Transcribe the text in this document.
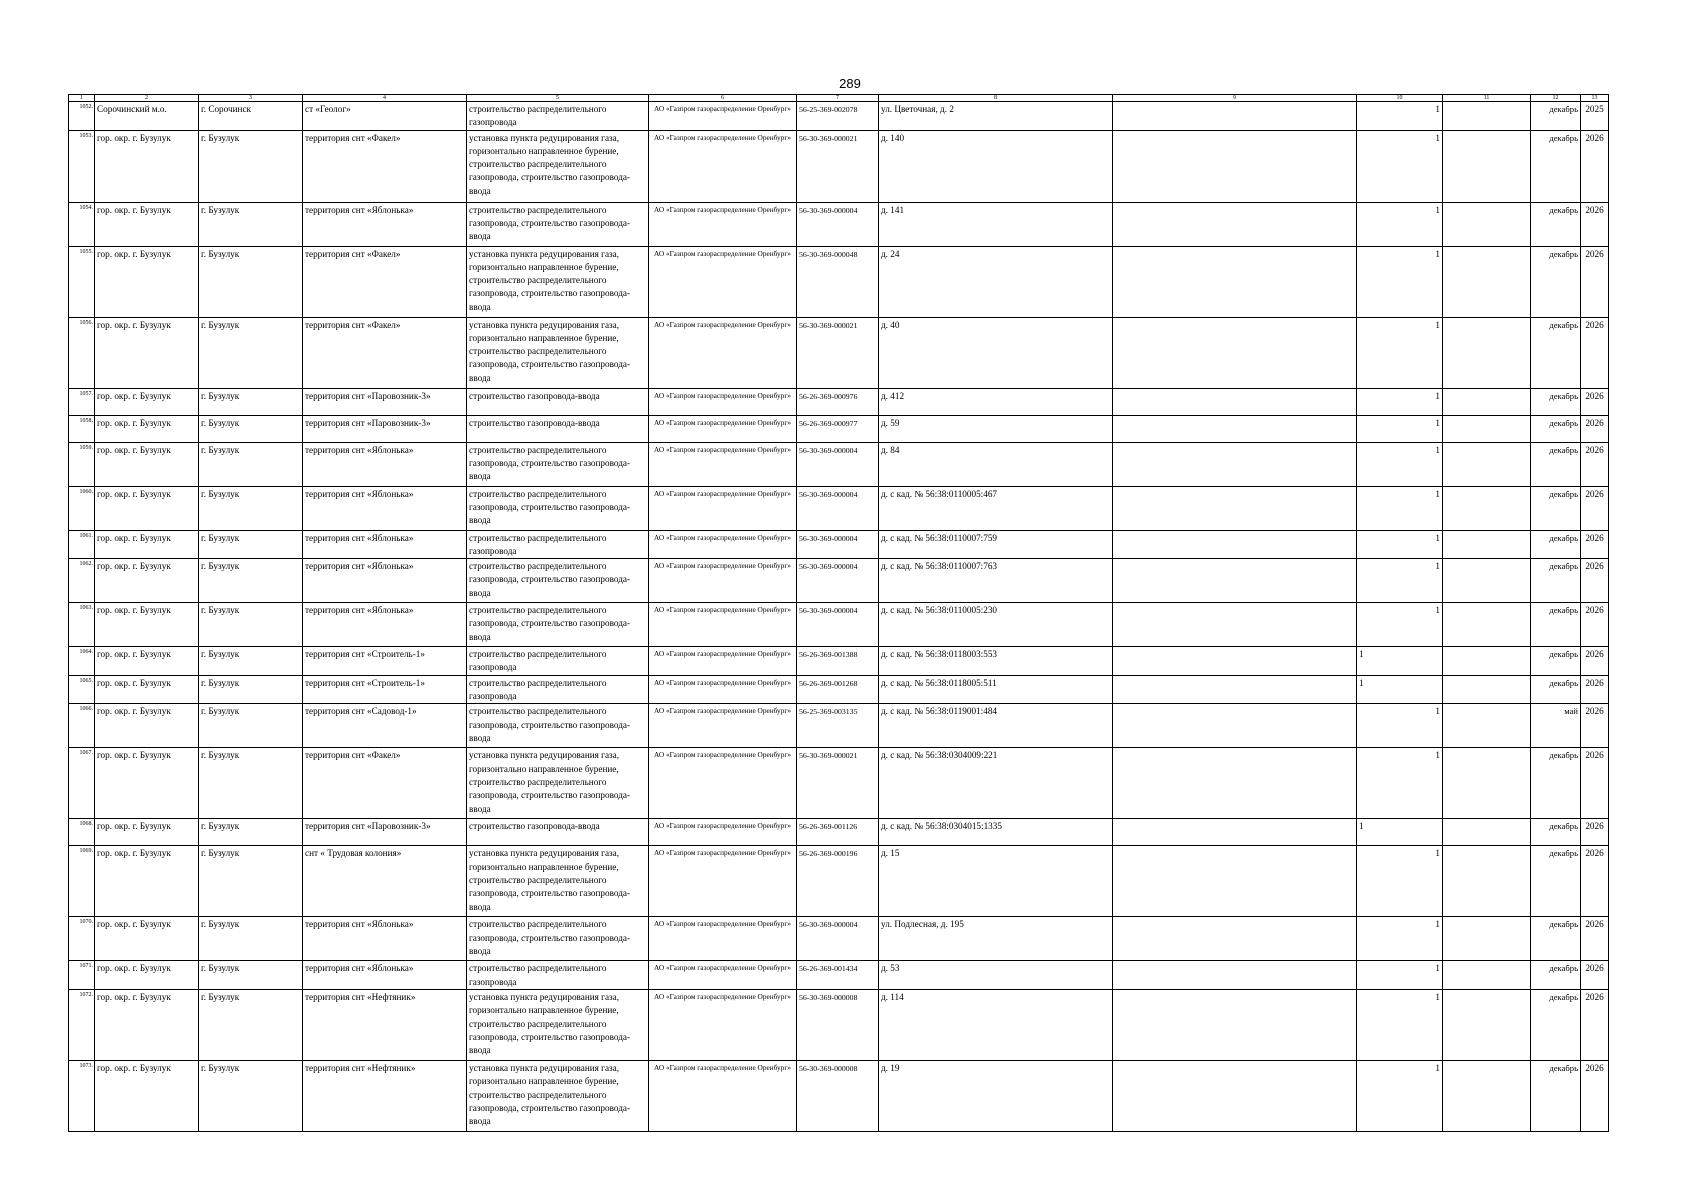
289
1	2	3	4	5	6	7	8	9	10	11	12	13
1052.	Сорочинский м.о.	г. Сорочинск	ст «Геолог»	строительство распределительного газопровода	АО «Газпром газораспределение Оренбург»	56-25-369-002078	ул. Цветочная, д. 2		1		декабрь	2025
1053.	гор. окр. г. Бузулук	г. Бузулук	территория снт «Факел»	установка пункта редуцирования газа, горизонтально направленное бурение, строительство распределительного газопровода, строительство газопровода-ввода	АО «Газпром газораспределение Оренбург»	56-30-369-000021	д. 140		1		декабрь	2026
1054.	гор. окр. г. Бузулук	г. Бузулук	территория снт «Яблонька»	строительство распределительного газопровода, строительство газопровода-ввода	АО «Газпром газораспределение Оренбург»	56-30-369-000004	д. 141		1		декабрь	2026
1055.	гор. окр. г. Бузулук	г. Бузулук	территория снт «Факел»	установка пункта редуцирования газа, горизонтально направленное бурение, строительство распределительного газопровода, строительство газопровода-ввода	АО «Газпром газораспределение Оренбург»	56-30-369-000048	д. 24		1		декабрь	2026
1056.	гор. окр. г. Бузулук	г. Бузулук	территория снт «Факел»	установка пункта редуцирования газа, горизонтально направленное бурение, строительство распределительного газопровода, строительство газопровода-ввода	АО «Газпром газораспределение Оренбург»	56-30-369-000021	д. 40		1		декабрь	2026
1057.	гор. окр. г. Бузулук	г. Бузулук	территория снт «Паровозник-3»	строительство газопровода-ввода	АО «Газпром газораспределение Оренбург»	56-26-369-000976	д. 412		1		декабрь	2026
1058.	гор. окр. г. Бузулук	г. Бузулук	территория снт «Паровозник-3»	строительство газопровода-ввода	АО «Газпром газораспределение Оренбург»	56-26-369-000977	д. 59		1		декабрь	2026
1059.	гор. окр. г. Бузулук	г. Бузулук	территория снт «Яблонька»	строительство распределительного газопровода, строительство газопровода-ввода	АО «Газпром газораспределение Оренбург»	56-30-369-000004	д. 84		1		декабрь	2026
1060.	гор. окр. г. Бузулук	г. Бузулук	территория снт «Яблонька»	строительство распределительного газопровода, строительство газопровода-ввода	АО «Газпром газораспределение Оренбург»	56-30-369-000004	д. с кад. № 56:38:0110005:467		1		декабрь	2026
1061.	гор. окр. г. Бузулук	г. Бузулук	территория снт «Яблонька»	строительство распределительного газопровода	АО «Газпром газораспределение Оренбург»	56-30-369-000004	д. с кад. № 56:38:0110007:759		1		декабрь	2026
1062.	гор. окр. г. Бузулук	г. Бузулук	территория снт «Яблонька»	строительство распределительного газопровода, строительство газопровода-ввода	АО «Газпром газораспределение Оренбург»	56-30-369-000004	д. с кад. № 56:38:0110007:763		1		декабрь	2026
1063.	гор. окр. г. Бузулук	г. Бузулук	территория снт «Яблонька»	строительство распределительного газопровода, строительство газопровода-ввода	АО «Газпром газораспределение Оренбург»	56-30-369-000004	д. с кад. № 56:38:0110005:230		1		декабрь	2026
1064.	гор. окр. г. Бузулук	г. Бузулук	территория снт «Строитель-1»	строительство распределительного газопровода	АО «Газпром газораспределение Оренбург»	56-26-369-001388	д. с кад. № 56:38:0118003:553		1		декабрь	2026
1065.	гор. окр. г. Бузулук	г. Бузулук	территория снт «Строитель-1»	строительство распределительного газопровода	АО «Газпром газораспределение Оренбург»	56-26-369-001268	д. с кад. № 56:38:0118005:511		1		декабрь	2026
1066.	гор. окр. г. Бузулук	г. Бузулук	территория снт «Садовод-1»	строительство распределительного газопровода, строительство газопровода-ввода	АО «Газпром газораспределение Оренбург»	56-25-369-003135	д. с кад. № 56:38:0119001:484		1		май	2026
1067.	гор. окр. г. Бузулук	г. Бузулук	территория снт «Факел»	установка пункта редуцирования газа, горизонтально направленное бурение, строительство распределительного газопровода, строительство газопровода-ввода	АО «Газпром газораспределение Оренбург»	56-30-369-000021	д. с кад. № 56:38:0304009:221		1		декабрь	2026
1068.	гор. окр. г. Бузулук	г. Бузулук	территория снт «Паровозник-3»	строительство газопровода-ввода	АО «Газпром газораспределение Оренбург»	56-26-369-001126	д. с кад. № 56:38:0304015:1335		1		декабрь	2026
1069.	гор. окр. г. Бузулук	г. Бузулук	снт « Трудовая колония»	установка пункта редуцирования газа, горизонтально направленное бурение, строительство распределительного газопровода, строительство газопровода-ввода	АО «Газпром газораспределение Оренбург»	56-26-369-000196	д. 15		1		декабрь	2026
1070.	гор. окр. г. Бузулук	г. Бузулук	территория снт «Яблонька»	строительство распределительного газопровода, строительство газопровода-ввода	АО «Газпром газораспределение Оренбург»	56-30-369-000004	ул. Подлесная, д. 195		1		декабрь	2026
1071.	гор. окр. г. Бузулук	г. Бузулук	территория снт «Яблонька»	строительство распределительного газопровода	АО «Газпром газораспределение Оренбург»	56-26-369-001434	д. 53		1		декабрь	2026
1072.	гор. окр. г. Бузулук	г. Бузулук	территория снт «Нефтяник»	установка пункта редуцирования газа, горизонтально направленное бурение, строительство распределительного газопровода, строительство газопровода-ввода	АО «Газпром газораспределение Оренбург»	56-30-369-000008	д. 114		1		декабрь	2026
1073.	гор. окр. г. Бузулук	г. Бузулук	территория снт «Нефтяник»	установка пункта редуцирования газа, горизонтально направленное бурение, строительство распределительного газопровода, строительство газопровода-ввода	АО «Газпром газораспределение Оренбург»	56-30-369-000008	д. 19		1		декабрь	2026
